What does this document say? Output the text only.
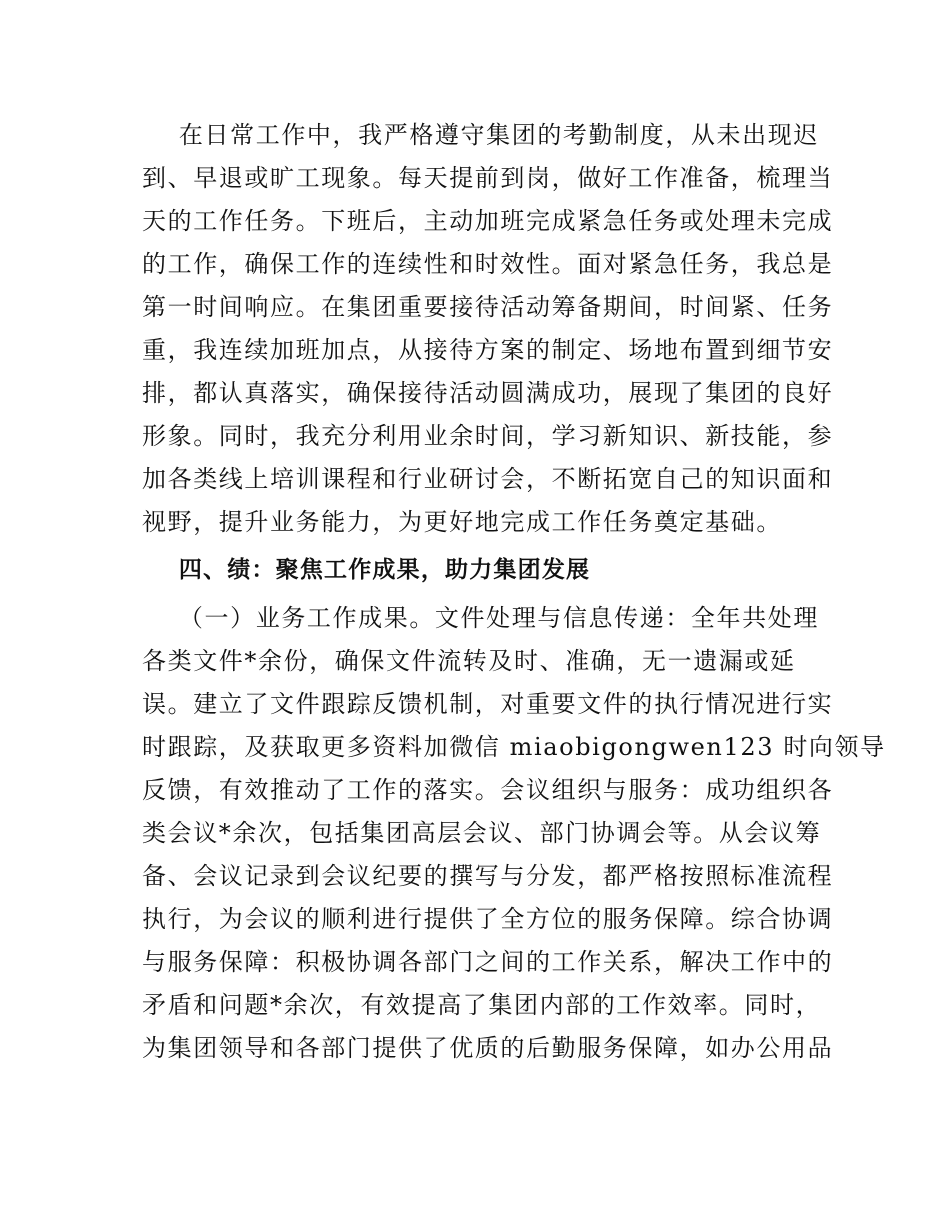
在日常工作中，我严格遵守集团的考勤制度，从未出现迟
到、早退或旷工现象。每天提前到岗，做好工作准备，梳理当
天的工作任务。下班后，主动加班完成紧急任务或处理未完成
的工作，确保工作的连续性和时效性。面对紧急任务，我总是
第一时间响应。在集团重要接待活动筹备期间，时间紧、任务
重，我连续加班加点，从接待方案的制定、场地布置到细节安
排，都认真落实，确保接待活动圆满成功，展现了集团的良好
形象。同时，我充分利用业余时间，学习新知识、新技能，参
加各类线上培训课程和行业研讨会，不断拓宽自己的知识面和
视野，提升业务能力，为更好地完成工作任务奠定基础。
四、绩：聚焦工作成果，助力集团发展
（一）业务工作成果。文件处理与信息传递：全年共处理
各类文件*余份，确保文件流转及时、准确，无一遗漏或延
误。建立了文件跟踪反馈机制，对重要文件的执行情况进行实
时跟踪，及获取更多资料加微信 miaobigongwen123 时向领导
反馈，有效推动了工作的落实。会议组织与服务：成功组织各
类会议*余次，包括集团高层会议、部门协调会等。从会议筹
备、会议记录到会议纪要的撰写与分发，都严格按照标准流程
执行，为会议的顺利进行提供了全方位的服务保障。综合协调
与服务保障：积极协调各部门之间的工作关系，解决工作中的
矛盾和问题*余次，有效提高了集团内部的工作效率。同时，
为集团领导和各部门提供了优质的后勤服务保障，如办公用品
